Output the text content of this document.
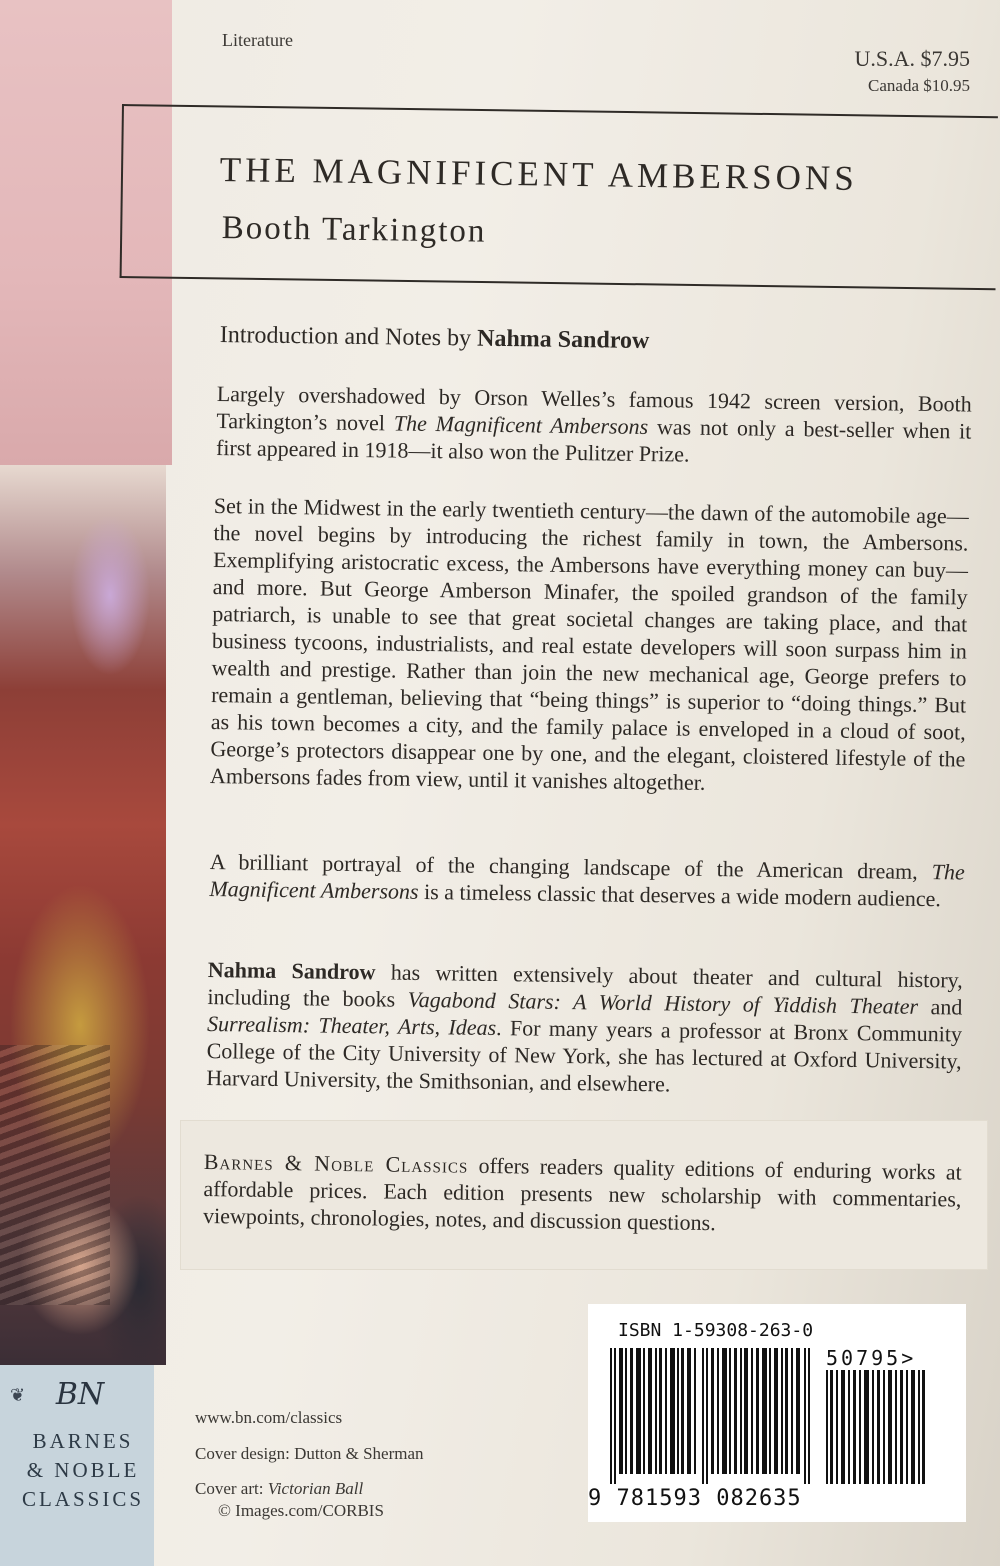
❦	BN
BARNES
& NOBLE
CLASSICS
Literature
U.S.A. $7.95
Canada $10.95
THE MAGNIFICENT AMBERSONS
Booth Tarkington
Introduction and Notes by Nahma Sandrow
Largely overshadowed by Orson Welles’s famous 1942 screen version, Booth Tarkington’s novel The Magnificent Ambersons was not only a best-seller when it first appeared in 1918—it also won the Pulitzer Prize.
Set in the Midwest in the early twentieth century—the dawn of the automobile age—the novel begins by introducing the richest family in town, the Ambersons. Exemplifying aristocratic excess, the Ambersons have everything money can buy—and more. But George Amberson Minafer, the spoiled grandson of the family patriarch, is unable to see that great societal changes are taking place, and that business tycoons, industrialists, and real estate developers will soon surpass him in wealth and prestige. Rather than join the new mechanical age, George prefers to remain a gentleman, believing that “being things” is superior to “doing things.” But as his town becomes a city, and the family palace is enveloped in a cloud of soot, George’s protectors disappear one by one, and the elegant, cloistered lifestyle of the Ambersons fades from view, until it vanishes altogether.
A brilliant portrayal of the changing landscape of the American dream, The Magnificent Ambersons is a timeless classic that deserves a wide modern audience.
Nahma Sandrow has written extensively about theater and cultural history, including the books Vagabond Stars: A World History of Yiddish Theater and Surrealism: Theater, Arts, Ideas. For many years a professor at Bronx Community College of the City University of New York, she has lectured at Oxford University, Harvard University, the Smithsonian, and elsewhere.
Barnes & Noble Classics offers readers quality editions of enduring works at affordable prices. Each edition presents new scholarship with commentaries, viewpoints, chronologies, notes, and discussion questions.
ISBN 1-59308-263-0
50795>
9 781593 082635
www.bn.com/classics
Cover design: Dutton & Sherman
Cover art: Victorian Ball
© Images.com/CORBIS
